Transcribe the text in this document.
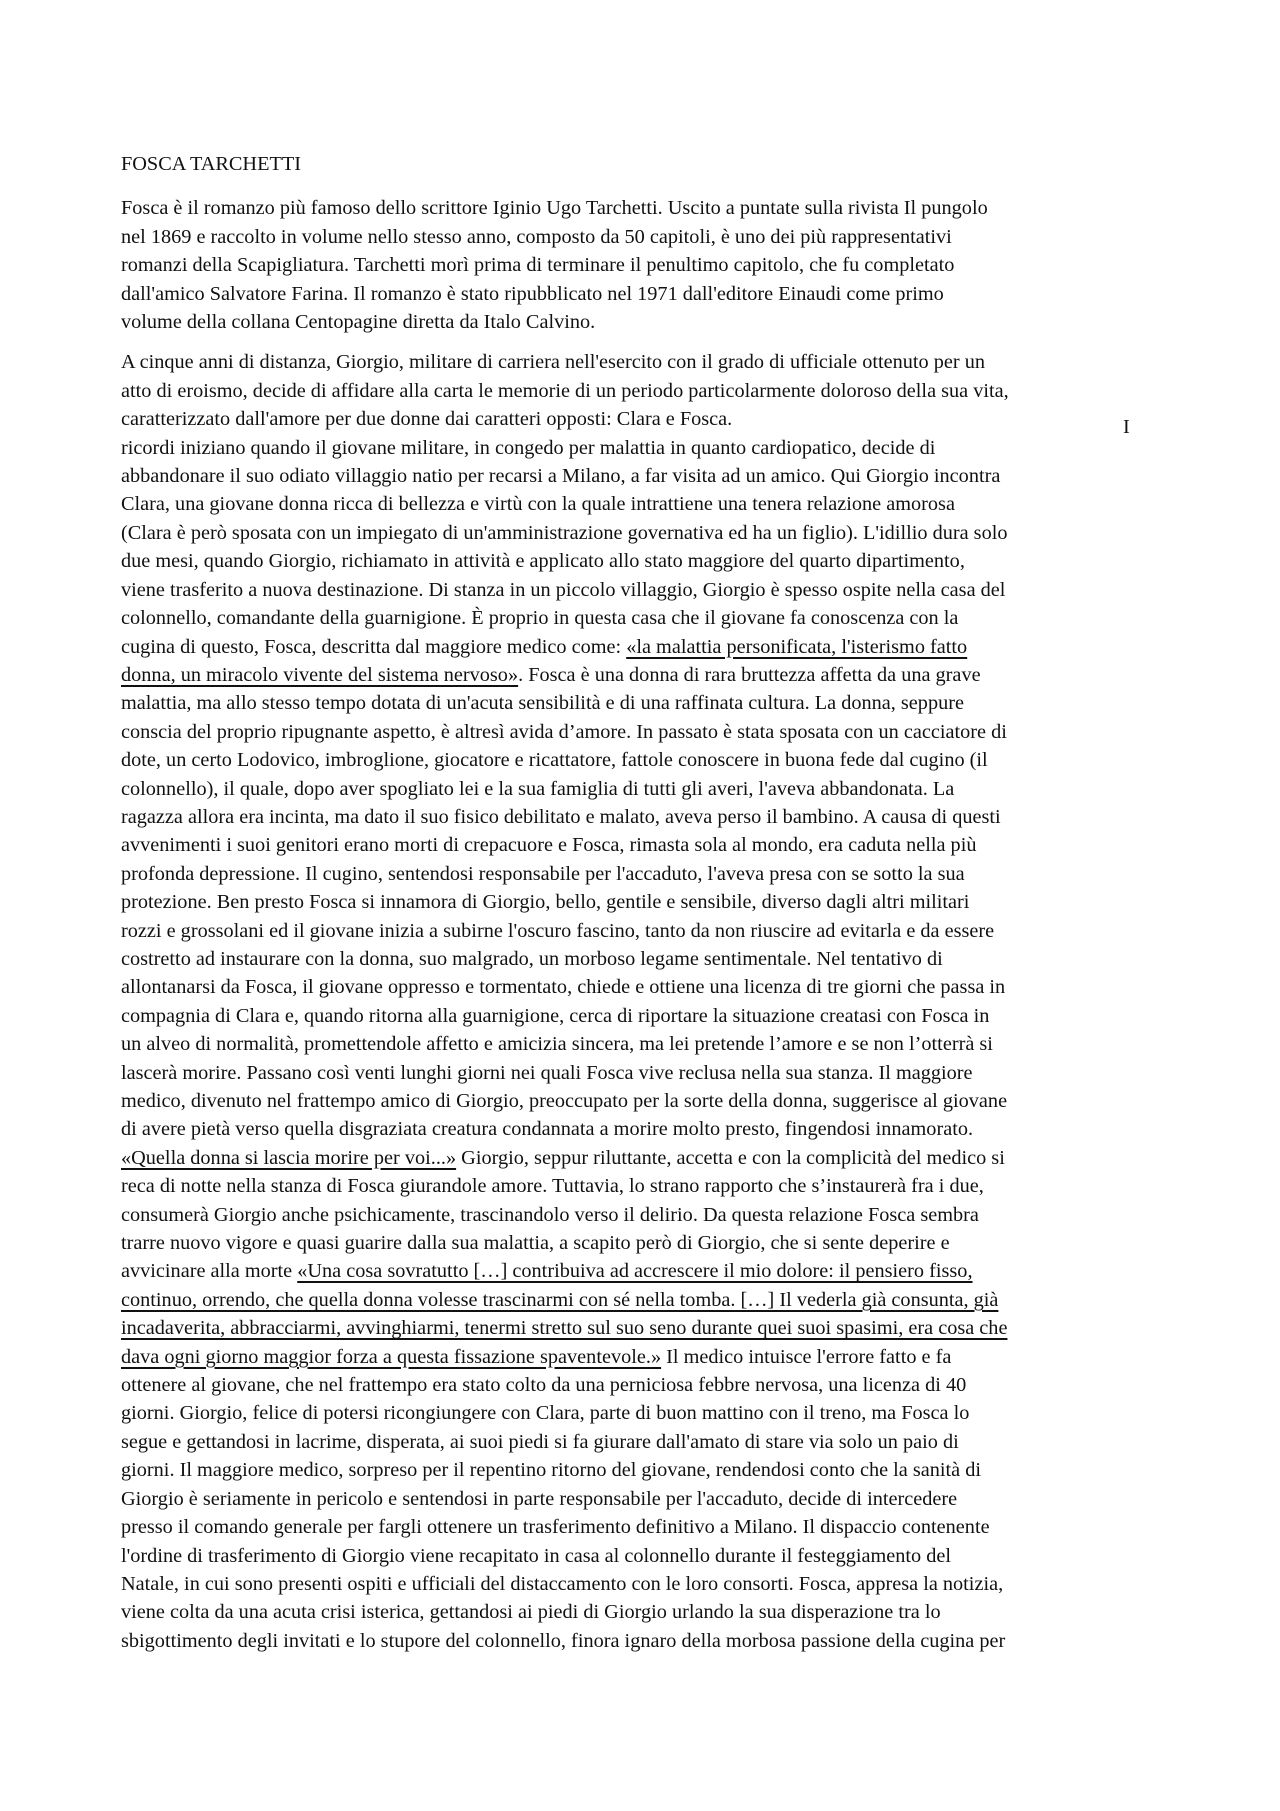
FOSCA TARCHETTI
Fosca è il romanzo più famoso dello scrittore Iginio Ugo Tarchetti. Uscito a puntate sulla rivista Il pungolo
nel 1869 e raccolto in volume nello stesso anno, composto da 50 capitoli, è uno dei più rappresentativi
romanzi della Scapigliatura. Tarchetti morì prima di terminare il penultimo capitolo, che fu completato
dall'amico Salvatore Farina. Il romanzo è stato ripubblicato nel 1971 dall'editore Einaudi come primo
volume della collana Centopagine diretta da Italo Calvino.
A cinque anni di distanza, Giorgio, militare di carriera nell'esercito con il grado di ufficiale ottenuto per un
atto di eroismo, decide di affidare alla carta le memorie di un periodo particolarmente doloroso della sua vita,
caratterizzato dall'amore per due donne dai caratteri opposti: Clara e Fosca.
ricordi iniziano quando il giovane militare, in congedo per malattia in quanto cardiopatico, decide di
abbandonare il suo odiato villaggio natio per recarsi a Milano, a far visita ad un amico. Qui Giorgio incontra
Clara, una giovane donna ricca di bellezza e virtù con la quale intrattiene una tenera relazione amorosa
(Clara è però sposata con un impiegato di un'amministrazione governativa ed ha un figlio). L'idillio dura solo
due mesi, quando Giorgio, richiamato in attività e applicato allo stato maggiore del quarto dipartimento,
viene trasferito a nuova destinazione. Di stanza in un piccolo villaggio, Giorgio è spesso ospite nella casa del
colonnello, comandante della guarnigione. È proprio in questa casa che il giovane fa conoscenza con la
cugina di questo, Fosca, descritta dal maggiore medico come: «la malattia personificata, l'isterismo fatto
donna, un miracolo vivente del sistema nervoso». Fosca è una donna di rara bruttezza affetta da una grave
malattia, ma allo stesso tempo dotata di un'acuta sensibilità e di una raffinata cultura. La donna, seppure
conscia del proprio ripugnante aspetto, è altresì avida d’amore. In passato è stata sposata con un cacciatore di
dote, un certo Lodovico, imbroglione, giocatore e ricattatore, fattole conoscere in buona fede dal cugino (il
colonnello), il quale, dopo aver spogliato lei e la sua famiglia di tutti gli averi, l'aveva abbandonata. La
ragazza allora era incinta, ma dato il suo fisico debilitato e malato, aveva perso il bambino. A causa di questi
avvenimenti i suoi genitori erano morti di crepacuore e Fosca, rimasta sola al mondo, era caduta nella più
profonda depressione. Il cugino, sentendosi responsabile per l'accaduto, l'aveva presa con se sotto la sua
protezione. Ben presto Fosca si innamora di Giorgio, bello, gentile e sensibile, diverso dagli altri militari
rozzi e grossolani ed il giovane inizia a subirne l'oscuro fascino, tanto da non riuscire ad evitarla e da essere
costretto ad instaurare con la donna, suo malgrado, un morboso legame sentimentale. Nel tentativo di
allontanarsi da Fosca, il giovane oppresso e tormentato, chiede e ottiene una licenza di tre giorni che passa in
compagnia di Clara e, quando ritorna alla guarnigione, cerca di riportare la situazione creatasi con Fosca in
un alveo di normalità, promettendole affetto e amicizia sincera, ma lei pretende l’amore e se non l’otterrà si
lascerà morire. Passano così venti lunghi giorni nei quali Fosca vive reclusa nella sua stanza. Il maggiore
medico, divenuto nel frattempo amico di Giorgio, preoccupato per la sorte della donna, suggerisce al giovane
di avere pietà verso quella disgraziata creatura condannata a morire molto presto, fingendosi innamorato.
«Quella donna si lascia morire per voi...» Giorgio, seppur riluttante, accetta e con la complicità del medico si
reca di notte nella stanza di Fosca giurandole amore. Tuttavia, lo strano rapporto che s’instaurerà fra i due,
consumerà Giorgio anche psichicamente, trascinandolo verso il delirio. Da questa relazione Fosca sembra
trarre nuovo vigore e quasi guarire dalla sua malattia, a scapito però di Giorgio, che si sente deperire e
avvicinare alla morte «Una cosa sovratutto […] contribuiva ad accrescere il mio dolore: il pensiero fisso,
continuo, orrendo, che quella donna volesse trascinarmi con sé nella tomba. […] Il vederla già consunta, già
incadaverita, abbracciarmi, avvinghiarmi, tenermi stretto sul suo seno durante quei suoi spasimi, era cosa che
dava ogni giorno maggior forza a questa fissazione spaventevole.» Il medico intuisce l'errore fatto e fa
ottenere al giovane, che nel frattempo era stato colto da una perniciosa febbre nervosa, una licenza di 40
giorni. Giorgio, felice di potersi ricongiungere con Clara, parte di buon mattino con il treno, ma Fosca lo
segue e gettandosi in lacrime, disperata, ai suoi piedi si fa giurare dall'amato di stare via solo un paio di
giorni. Il maggiore medico, sorpreso per il repentino ritorno del giovane, rendendosi conto che la sanità di
Giorgio è seriamente in pericolo e sentendosi in parte responsabile per l'accaduto, decide di intercedere
presso il comando generale per fargli ottenere un trasferimento definitivo a Milano. Il dispaccio contenente
l'ordine di trasferimento di Giorgio viene recapitato in casa al colonnello durante il festeggiamento del
Natale, in cui sono presenti ospiti e ufficiali del distaccamento con le loro consorti. Fosca, appresa la notizia,
viene colta da una acuta crisi isterica, gettandosi ai piedi di Giorgio urlando la sua disperazione tra lo
sbigottimento degli invitati e lo stupore del colonnello, finora ignaro della morbosa passione della cugina per
I
